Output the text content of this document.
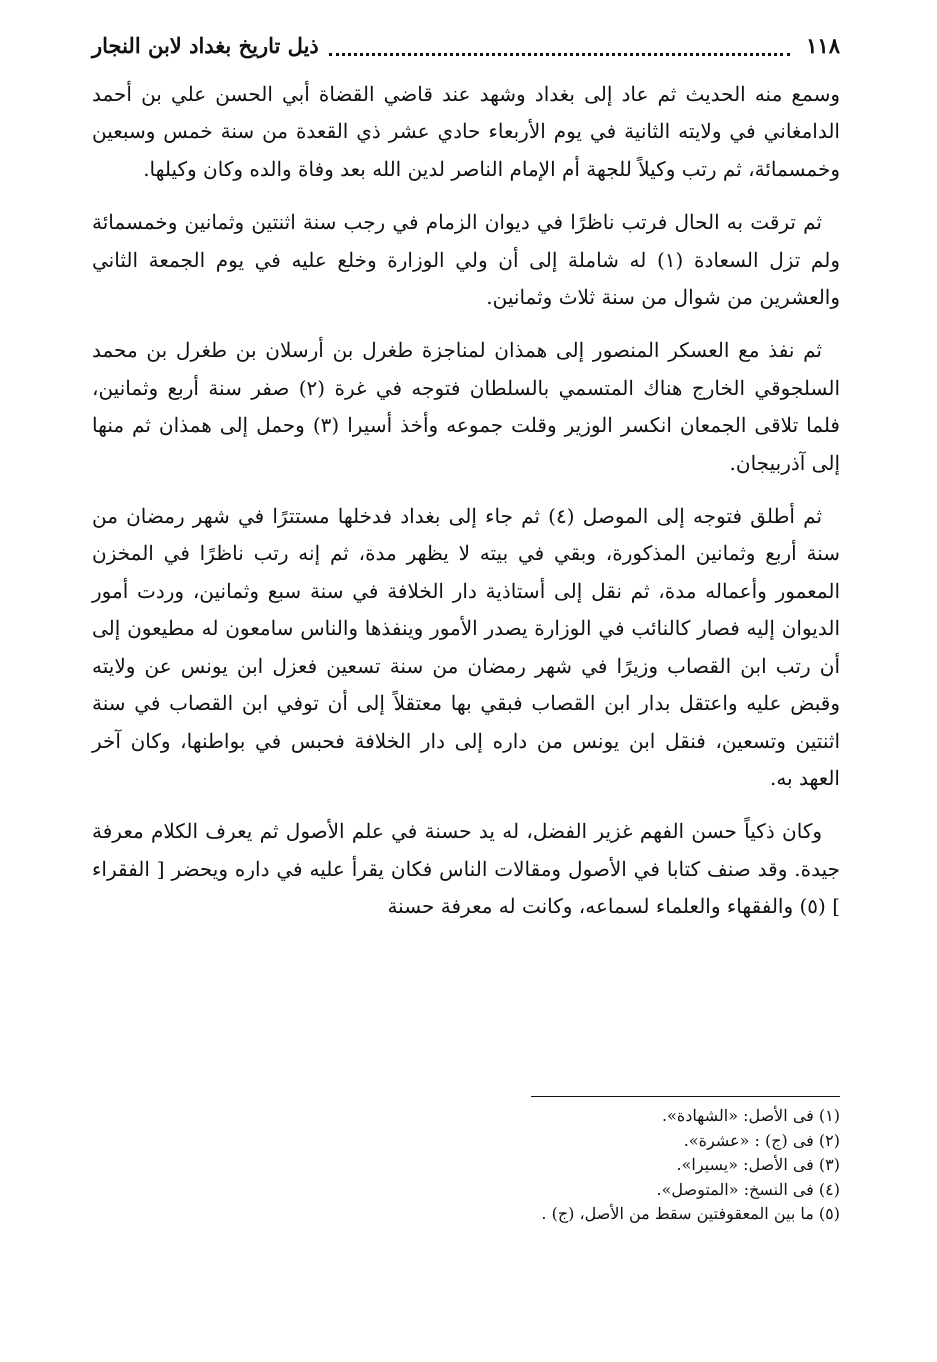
١١٨
ذيل تاريخ بغداد لابن النجار

وسمع منه الحديث ثم عاد إلى بغداد وشهد عند قاضي القضاة أبي الحسن علي بن أحمد الدامغاني في ولايته الثانية في يوم الأربعاء حادي عشر ذي القعدة من سنة خمس وسبعين وخمسمائة، ثم رتب وكيلاً للجهة أم الإمام الناصر لدين الله بعد وفاة والده وكان وكيلها.

ثم ترقت به الحال فرتب ناظرًا في ديوان الزمام في رجب سنة اثنتين وثمانين وخمسمائة ولم تزل السعادة (١) له شاملة إلى أن ولي الوزارة وخلع عليه في يوم الجمعة الثاني والعشرين من شوال من سنة ثلاث وثمانين.

ثم نفذ مع العسكر المنصور إلى همذان لمناجزة طغرل بن أرسلان بن طغرل بن محمد السلجوقي الخارج هناك المتسمي بالسلطان فتوجه في غرة (٢) صفر سنة أربع وثمانين، فلما تلاقى الجمعان انكسر الوزير وقلت جموعه وأخذ أسيرا (٣) وحمل إلى همذان ثم منها إلى آذربيجان.

ثم أطلق فتوجه إلى الموصل (٤) ثم جاء إلى بغداد فدخلها مستترًا في شهر رمضان من سنة أربع وثمانين المذكورة، وبقي في بيته لا يظهر مدة، ثم إنه رتب ناظرًا في المخزن المعمور وأعماله مدة، ثم نقل إلى أستاذية دار الخلافة في سنة سبع وثمانين، وردت أمور الديوان إليه فصار كالنائب في الوزارة يصدر الأمور وينفذها والناس سامعون له مطيعون إلى أن رتب ابن القصاب وزيرًا في شهر رمضان من سنة تسعين فعزل ابن يونس عن ولايته وقبض عليه واعتقل بدار ابن القصاب فبقي بها معتقلاً إلى أن توفي ابن القصاب في سنة اثنتين وتسعين، فنقل ابن يونس من داره إلى دار الخلافة فحبس في بواطنها، وكان آخر العهد به.

وكان ذكياً حسن الفهم غزير الفضل، له يد حسنة في علم الأصول ثم يعرف الكلام معرفة جيدة. وقد صنف كتابا في الأصول ومقالات الناس فكان يقرأ عليه في داره ويحضر [ الفقراء ] (٥) والفقهاء والعلماء لسماعه، وكانت له معرفة حسنة

(١) فى الأصل: «الشهادة».
(٢) فى (ج) : «عشرة».
(٣) فى الأصل: «يسيرا».
(٤) فى النسخ: «المتوصل».
(٥) ما بين المعقوفتين سقط من الأصل، (ج) .
